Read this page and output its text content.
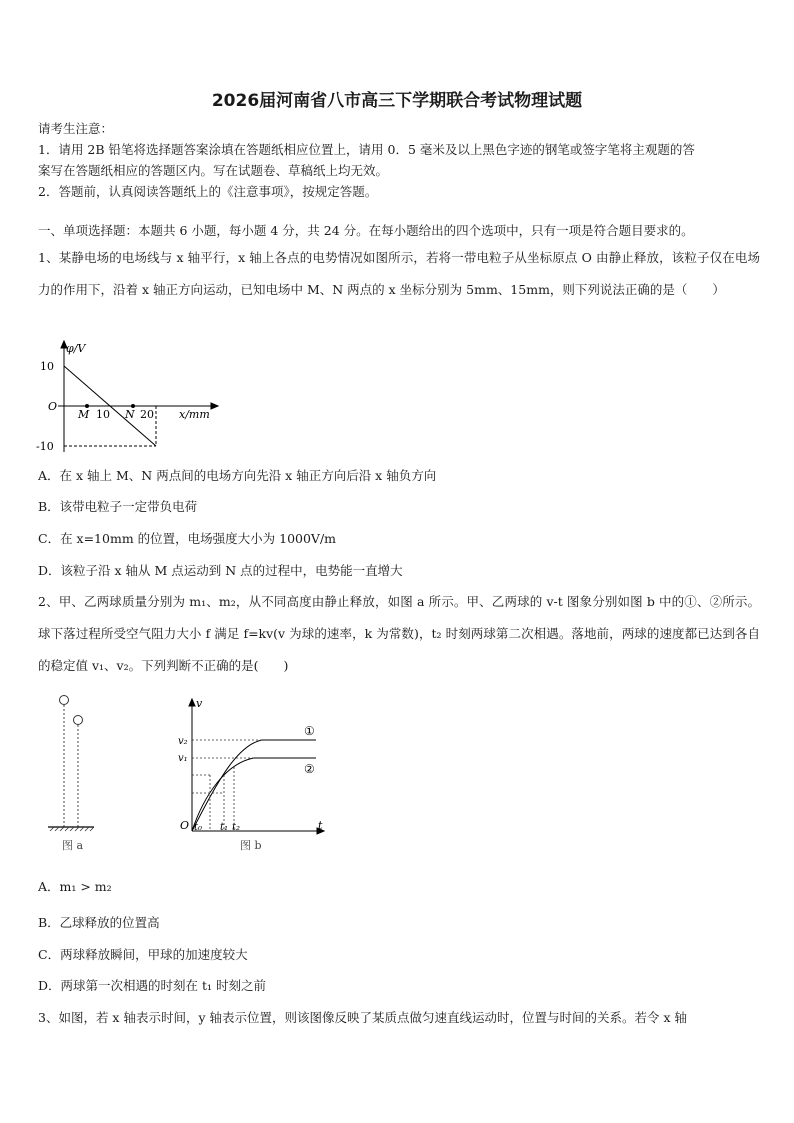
2026届河南省八市高三下学期联合考试物理试题
请考生注意：
1．请用 2B 铅笔将选择题答案涂填在答题纸相应位置上，请用 0．5 毫米及以上黑色字迹的钢笔或签字笔将主观题的答
案写在答题纸相应的答题区内。写在试题卷、草稿纸上均无效。
2．答题前，认真阅读答题纸上的《注意事项》，按规定答题。
一、单项选择题：本题共 6 小题，每小题 4 分，共 24 分。在每小题给出的四个选项中，只有一项是符合题目要求的。
1、某静电场的电场线与 x 轴平行，x 轴上各点的电势情况如图所示，若将一带电粒子从坐标原点 O 由静止释放，该粒子仅在电场力的作用下，沿着 x 轴正方向运动，已知电场中 M、N 两点的 x 坐标分别为 5mm、15mm，则下列说法正确的是（　　）
φ/V
10
O
-10
M 10 N 20 x/mm
A．在 x 轴上 M、N 两点间的电场方向先沿 x 轴正方向后沿 x 轴负方向
B．该带电粒子一定带负电荷
C．在 x=10mm 的位置，电场强度大小为 1000V/m
D．该粒子沿 x 轴从 M 点运动到 N 点的过程中，电势能一直增大
2、甲、乙两球质量分别为 m₁、m₂，从不同高度由静止释放，如图 a 所示。甲、乙两球的 v-t 图象分别如图 b 中的①、②所示。球下落过程所受空气阻力大小 f 满足 f=kv(v 为球的速率，k 为常数)，t₂ 时刻两球第二次相遇。落地前，两球的速度都已达到各自的稳定值 v₁、v₂。下列判断不正确的是(　　)
图 a
v
v₂
v₁
O t₀ t₁ t₂	t
①
②
图 b
A．m₁ > m₂
B．乙球释放的位置高
C．两球释放瞬间，甲球的加速度较大
D．两球第一次相遇的时刻在 t₁ 时刻之前
3、如图，若 x 轴表示时间，y 轴表示位置，则该图像反映了某质点做匀速直线运动时，位置与时间的关系。若令 x 轴
